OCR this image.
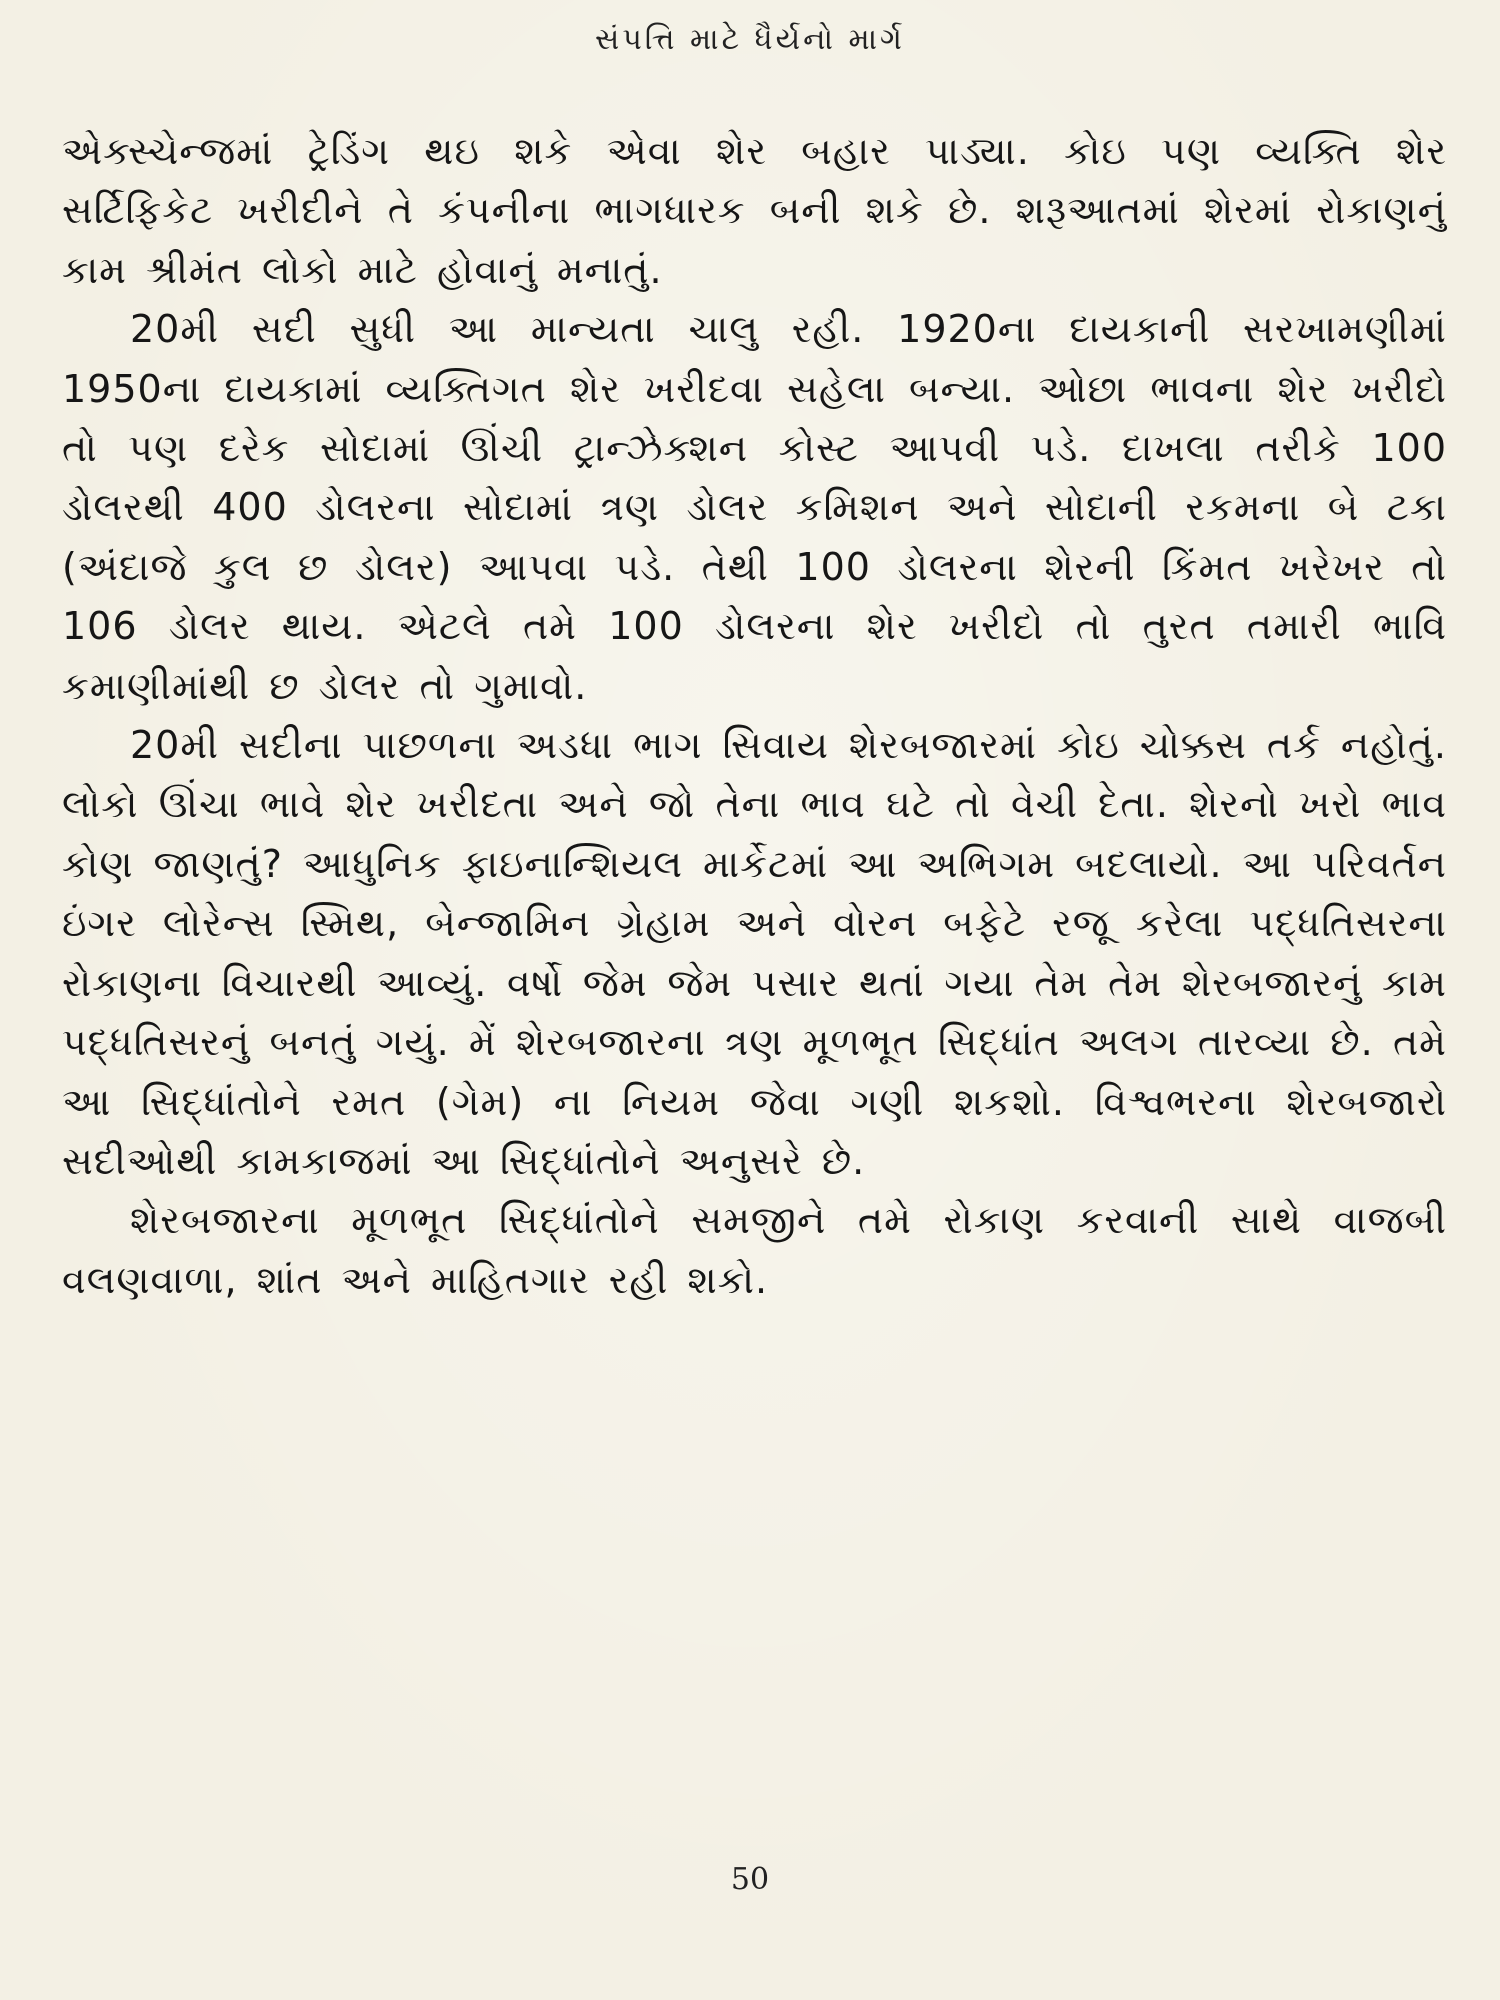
સંપત્તિ માટે ધૈર્યનો માર્ગ

એક્સ્ચેન્જમાં ટ્રેડિંગ થઇ શકે એવા શેર બહાર પાડ્યા. કોઇ પણ વ્યક્તિ શેર સર્ટિફિકેટ ખરીદીને તે કંપનીના ભાગધારક બની શકે છે. શરૂઆતમાં શેરમાં રોકાણનું કામ શ્રીમંત લોકો માટે હોવાનું મનાતું.

20મી સદી સુધી આ માન્યતા ચાલુ રહી. 1920ના દાયકાની સરખામણીમાં 1950ના દાયકામાં વ્યક્તિગત શેર ખરીદવા સહેલા બન્યા. ઓછા ભાવના શેર ખરીદો તો પણ દરેક સોદામાં ઊંચી ટ્રાન્ઝેક્શન કોસ્ટ આપવી પડે. દાખલા તરીકે 100 ડોલરથી 400 ડોલરના સોદામાં ત્રણ ડોલર કમિશન અને સોદાની રકમના બે ટકા (અંદાજે કુલ છ ડોલર) આપવા પડે. તેથી 100 ડોલરના શેરની કિંમત ખરેખર તો 106 ડોલર થાય. એટલે તમે 100 ડોલરના શેર ખરીદો તો તુરત તમારી ભાવિ કમાણીમાંથી છ ડોલર તો ગુમાવો.

20મી સદીના પાછળના અડધા ભાગ સિવાય શેરબજારમાં કોઇ ચોક્કસ તર્ક નહોતું. લોકો ઊંચા ભાવે શેર ખરીદતા અને જો તેના ભાવ ઘટે તો વેચી દેતા. શેરનો ખરો ભાવ કોણ જાણતું? આધુનિક ફાઇનાન્શિયલ માર્કેટમાં આ અભિગમ બદલાયો. આ પરિવર્તન ઇંગર લોરેન્સ સ્મિથ, બેન્જામિન ગ્રેહામ અને વોરન બફેટે રજૂ કરેલા પદ્ધતિસરના રોકાણના વિચારથી આવ્યું. વર્ષો જેમ જેમ પસાર થતાં ગયા તેમ તેમ શેરબજારનું કામ પદ્ધતિસરનું બનતું ગયું. મેં શેરબજારના ત્રણ મૂળભૂત સિદ્ધાંત અલગ તારવ્યા છે. તમે આ સિદ્ધાંતોને રમત (ગેમ) ના નિયમ જેવા ગણી શકશો. વિશ્વભરના શેરબજારો સદીઓથી કામકાજમાં આ સિદ્ધાંતોને અનુસરે છે.

શેરબજારના મૂળભૂત સિદ્ધાંતોને સમજીને તમે રોકાણ કરવાની સાથે વાજબી વલણવાળા, શાંત અને માહિતગાર રહી શકો.

50
